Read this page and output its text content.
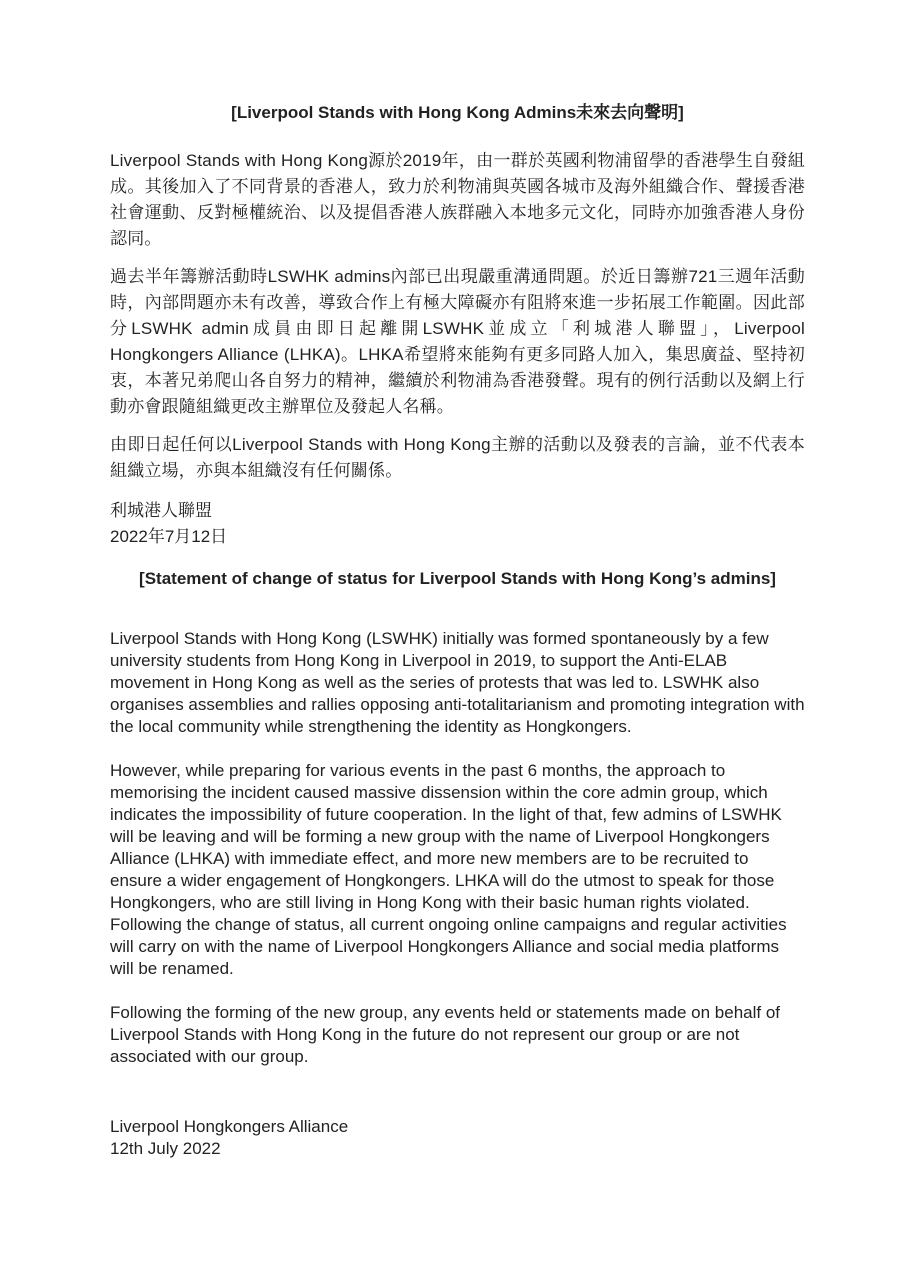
[Liverpool Stands with Hong Kong Admins未來去向聲明]

Liverpool Stands with Hong Kong源於2019年，由一群於英國利物浦留學的香港學生自發組成。其後加入了不同背景的香港人，致力於利物浦與英國各城市及海外組織合作、聲援香港社會運動、反對極權統治、以及提倡香港人族群融入本地多元文化，同時亦加強香港人身份認同。

過去半年籌辦活動時LSWHK admins內部已出現嚴重溝通問題。於近日籌辦721三週年活動時，內部問題亦未有改善，導致合作上有極大障礙亦有阻將來進一步拓展工作範圍。因此部分LSWHK admin成員由即日起離開LSWHK並成立「利城港人聯盟」，Liverpool Hongkongers Alliance (LHKA)。LHKA希望將來能夠有更多同路人加入，集思廣益、堅持初衷，本著兄弟爬山各自努力的精神，繼續於利物浦為香港發聲。現有的例行活動以及網上行動亦會跟隨組織更改主辦單位及發起人名稱。

由即日起任何以Liverpool Stands with Hong Kong主辦的活動以及發表的言論，並不代表本組織立場，亦與本組織沒有任何關係。

利城港人聯盟
2022年7月12日
[Statement of change of status for Liverpool Stands with Hong Kong’s admins]

Liverpool Stands with Hong Kong (LSWHK) initially was formed spontaneously by a few university students from Hong Kong in Liverpool in 2019, to support the Anti-ELAB movement in Hong Kong as well as the series of protests that was led to. LSWHK also organises assemblies and rallies opposing anti-totalitarianism and promoting integration with the local community while strengthening the identity as Hongkongers.

However, while preparing for various events in the past 6 months, the approach to memorising the incident caused massive dissension within the core admin group, which indicates the impossibility of future cooperation. In the light of that, few admins of LSWHK will be leaving and will be forming a new group with the name of Liverpool Hongkongers Alliance (LHKA) with immediate effect, and more new members are to be recruited to ensure a wider engagement of Hongkongers. LHKA will do the utmost to speak for those Hongkongers, who are still living in Hong Kong with their basic human rights violated. Following the change of status, all current ongoing online campaigns and regular activities will carry on with the name of Liverpool Hongkongers Alliance and social media platforms will be renamed.

Following the forming of the new group, any events held or statements made on behalf of Liverpool Stands with Hong Kong in the future do not represent our group or are not associated with our group.

Liverpool Hongkongers Alliance
12th July 2022
